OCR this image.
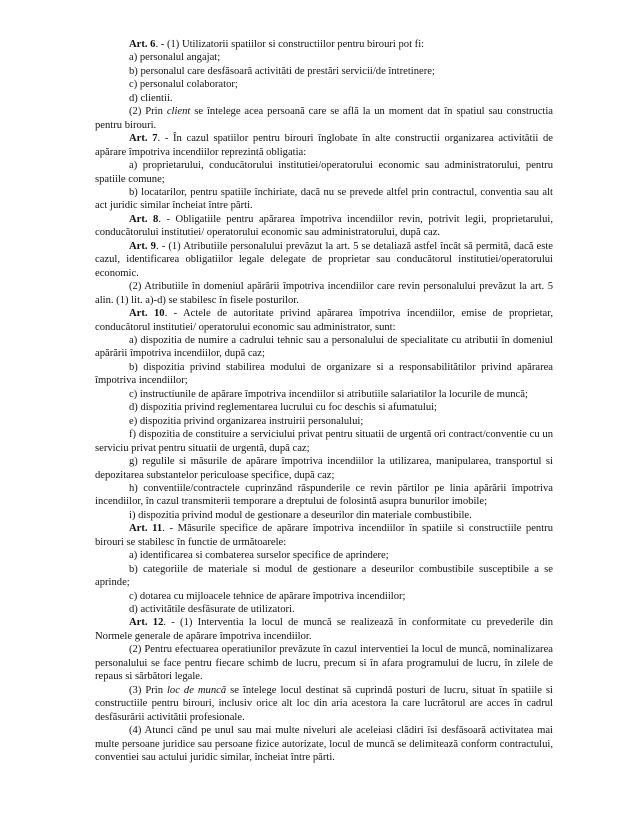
Art. 6. - (1) Utilizatorii spatiilor si constructiilor pentru birouri pot fi:

a) personalul angajat;

b) personalul care desfăsoară activităti de prestări servicii/de întretinere;

c) personalul colaborator;

d) clientii.

(2) Prin client se întelege acea persoană care se află la un moment dat în spatiul sau constructia pentru birouri.

Art. 7. - În cazul spatiilor pentru birouri înglobate în alte constructii organizarea activitătii de apărare împotriva incendiilor reprezintă obligatia:

a) proprietarului, conducătorului institutiei/operatorului economic sau administratorului, pentru spatiile comune;

b) locatarilor, pentru spatiile închiriate, dacă nu se prevede altfel prin contractul, conventia sau alt act juridic similar încheiat între părti.

Art. 8. - Obligatiile pentru apărarea împotriva incendiilor revin, potrivit legii, proprietarului, conducătorului institutiei/ operatorului economic sau administratorului, după caz.

Art. 9. - (1) Atributiile personalului prevăzut la art. 5 se detaliază astfel încât să permită, dacă este cazul, identificarea obligatiilor legale delegate de proprietar sau conducătorul institutiei/operatorului economic.

(2) Atributiile în domeniul apărării împotriva incendiilor care revin personalului prevăzut la art. 5 alin. (1) lit. a)-d) se stabilesc în fisele posturilor.

Art. 10. - Actele de autoritate privind apărarea împotriva incendiilor, emise de proprietar, conducătorul institutiei/ operatorului economic sau administrator, sunt:

a) dispozitia de numire a cadrului tehnic sau a personalului de specialitate cu atributii în domeniul apărării împotriva incendiilor, după caz;

b) dispozitia privind stabilirea modului de organizare si a responsabilitătilor privind apărarea împotriva incendiilor;

c) instructiunile de apărare împotriva incendiilor si atributiile salariatilor la locurile de muncă;

d) dispozitia privind reglementarea lucrului cu foc deschis si afumatului;

e) dispozitia privind organizarea instruirii personalului;

f) dispozitia de constituire a serviciului privat pentru situatii de urgentă ori contract/conventie cu un serviciu privat pentru situatii de urgentă, după caz;

g) regulile si măsurile de apărare împotriva incendiilor la utilizarea, manipularea, transportul si depozitarea substantelor periculoase specifice, după caz;

h) conventiile/contractele cuprinzând răspunderile ce revin părtilor pe linia apărării împotriva incendiilor, în cazul transmiterii temporare a dreptului de folosintă asupra bunurilor imobile;

i) dispozitia privind modul de gestionare a deseurilor din materiale combustibile.

Art. 11. - Măsurile specifice de apărare împotriva incendiilor în spatiile si constructiile pentru birouri se stabilesc în functie de următoarele:

a) identificarea si combaterea surselor specifice de aprindere;

b) categoriile de materiale si modul de gestionare a deseurilor combustibile susceptibile a se aprinde;

c) dotarea cu mijloacele tehnice de apărare împotriva incendiilor;

d) activitătile desfăsurate de utilizatori.

Art. 12. - (1) Interventia la locul de muncă se realizează în conformitate cu prevederile din Normele generale de apărare împotriva incendiilor.

(2) Pentru efectuarea operatiunilor prevăzute în cazul interventiei la locul de muncă, nominalizarea personalului se face pentru fiecare schimb de lucru, precum si în afara programului de lucru, în zilele de repaus si sărbători legale.

(3) Prin loc de muncă se întelege locul destinat să cuprindă posturi de lucru, situat în spatiile si constructiile pentru birouri, inclusiv orice alt loc din aria acestora la care lucrătorul are acces în cadrul desfăsurării activitătii profesionale.

(4) Atunci când pe unul sau mai multe niveluri ale aceleiasi clădiri îsi desfăsoară activitatea mai multe persoane juridice sau persoane fizice autorizate, locul de muncă se delimitează conform contractului, conventiei sau actului juridic similar, încheiat între părti.
